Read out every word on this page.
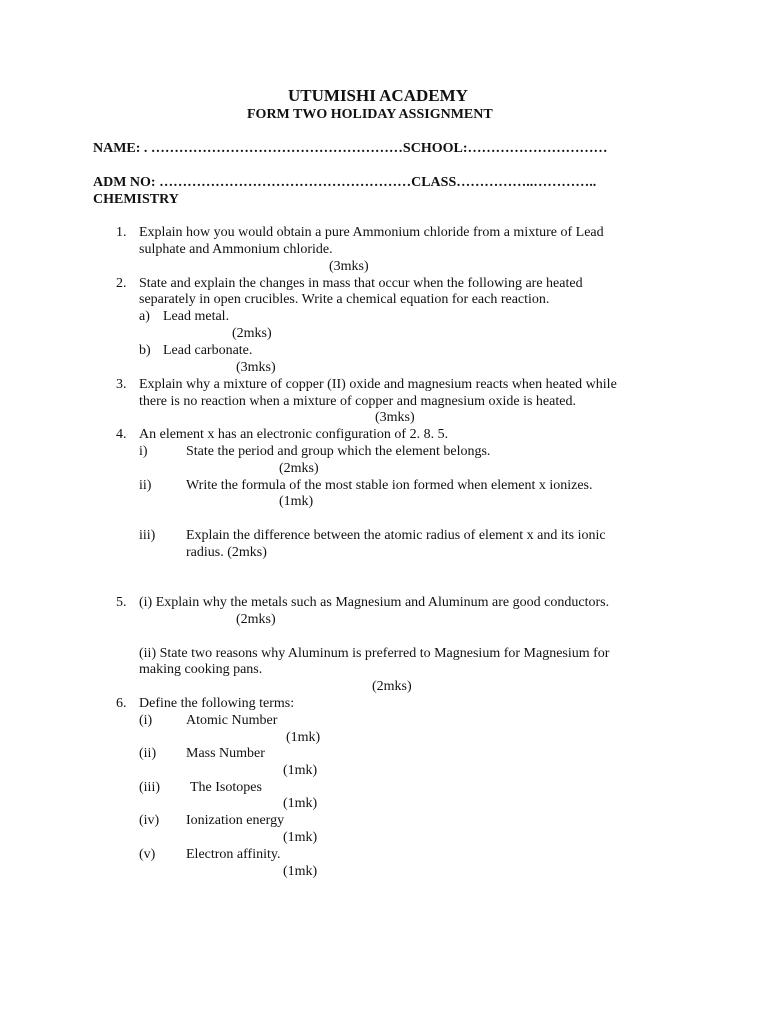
UTUMISHI ACADEMY
FORM TWO HOLIDAY ASSIGNMENT
NAME: . ………………………………………………SCHOOL:…………………………
ADM NO: ………………………………………………CLASS……………..…………..
CHEMISTRY
1. Explain how you would obtain a pure Ammonium chloride from a mixture of Lead
sulphate and Ammonium chloride.
(3mks)
2. State and explain the changes in mass that occur when the following are heated
separately in open crucibles. Write a chemical equation for each reaction.
a) Lead metal.
(2mks)
b) Lead carbonate.
(3mks)
3. Explain why a mixture of copper (II) oxide and magnesium reacts when heated while
there is no reaction when a mixture of copper and magnesium oxide is heated.
(3mks)
4. An element x has an electronic configuration of 2. 8. 5.
i)	State the period and group which the element belongs.
(2mks)
ii) Write the formula of the most stable ion formed when element x ionizes.
(1mk)
iii) Explain the difference between the atomic radius of element x and its ionic
radius. (2mks)
5. (i) Explain why the metals such as Magnesium and Aluminum are good conductors.
(2mks)
(ii) State two reasons why Aluminum is preferred to Magnesium for Magnesium for
making cooking pans.
(2mks)
6. Define the following terms:
(i) Atomic Number
(1mk)
(ii) Mass Number
(1mk)
(iii) The Isotopes
(1mk)
(iv) Ionization energy
(1mk)
(v) Electron affinity.
(1mk)
